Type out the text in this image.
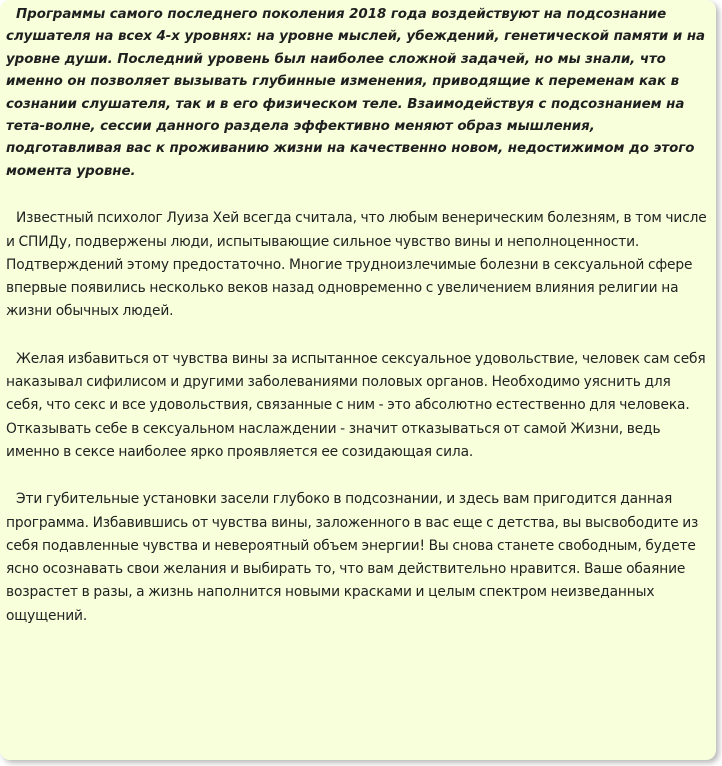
Программы самого последнего поколения 2018 года воздействуют на подсознание слушателя на всех 4-х уровнях: на уровне мыслей, убеждений, генетической памяти и на уровне души. Последний уровень был наиболее сложной задачей, но мы знали, что именно он позволяет вызывать глубинные изменения, приводящие к переменам как в сознании слушателя, так и в его физическом теле. Взаимодействуя с подсознанием на тета-волне, сессии данного раздела эффективно меняют образ мышления, подготавливая вас к проживанию жизни на качественно новом, недостижимом до этого момента уровне.

Известный психолог Луиза Хей всегда считала, что любым венерическим болезням, в том числе и СПИДу, подвержены люди, испытывающие сильное чувство вины и неполноценности. Подтверждений этому предостаточно. Многие трудноизлечимые болезни в сексуальной сфере впервые появились несколько веков назад одновременно с увеличением влияния религии на жизни обычных людей.

Желая избавиться от чувства вины за испытанное сексуальное удовольствие, человек сам себя наказывал сифилисом и другими заболеваниями половых органов. Необходимо уяснить для себя, что секс и все удовольствия, связанные с ним - это абсолютно естественно для человека. Отказывать себе в сексуальном наслаждении - значит отказываться от самой Жизни, ведь именно в сексе наиболее ярко проявляется ее созидающая сила.

Эти губительные установки засели глубоко в подсознании, и здесь вам пригодится данная программа. Избавившись от чувства вины, заложенного в вас еще с детства, вы высвободите из себя подавленные чувства и невероятный объем энергии! Вы снова станете свободным, будете ясно осознавать свои желания и выбирать то, что вам действительно нравится. Ваше обаяние возрастет в разы, а жизнь наполнится новыми красками и целым спектром неизведанных ощущений.
